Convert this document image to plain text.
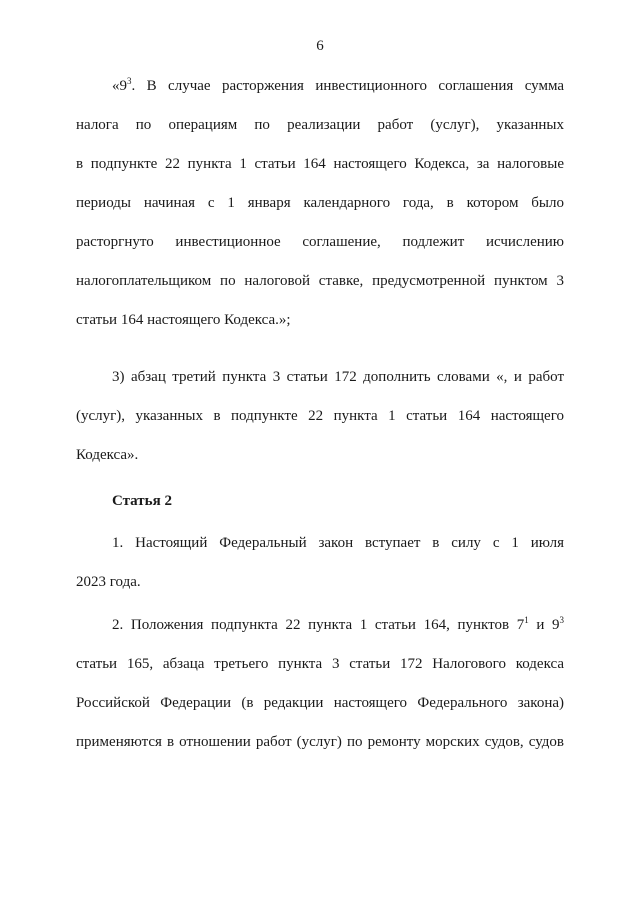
6
«$9^3$. В случае расторжения инвестиционного соглашения сумма
налога по операциям по реализации работ (услуг), указанных
в подпункте 22 пункта 1 статьи 164 настоящего Кодекса, за налоговые
периоды начиная с 1 января календарного года, в котором было
расторгнуто инвестиционное соглашение, подлежит исчислению
налогоплательщиком по налоговой ставке, предусмотренной пунктом 3
статьи 164 настоящего Кодекса.»;
3) абзац третий пункта 3 статьи 172 дополнить словами «, и работ
(услуг), указанных в подпункте 22 пункта 1 статьи 164 настоящего
Кодекса».
Статья 2
1. Настоящий Федеральный закон вступает в силу с 1 июля
2023 года.
2. Положения подпункта 22 пункта 1 статьи 164, пунктов $7^1$ и $9^3$
статьи 165, абзаца третьего пункта 3 статьи 172 Налогового кодекса
Российской Федерации (в редакции настоящего Федерального закона)
применяются в отношении работ (услуг) по ремонту морских судов, судов
